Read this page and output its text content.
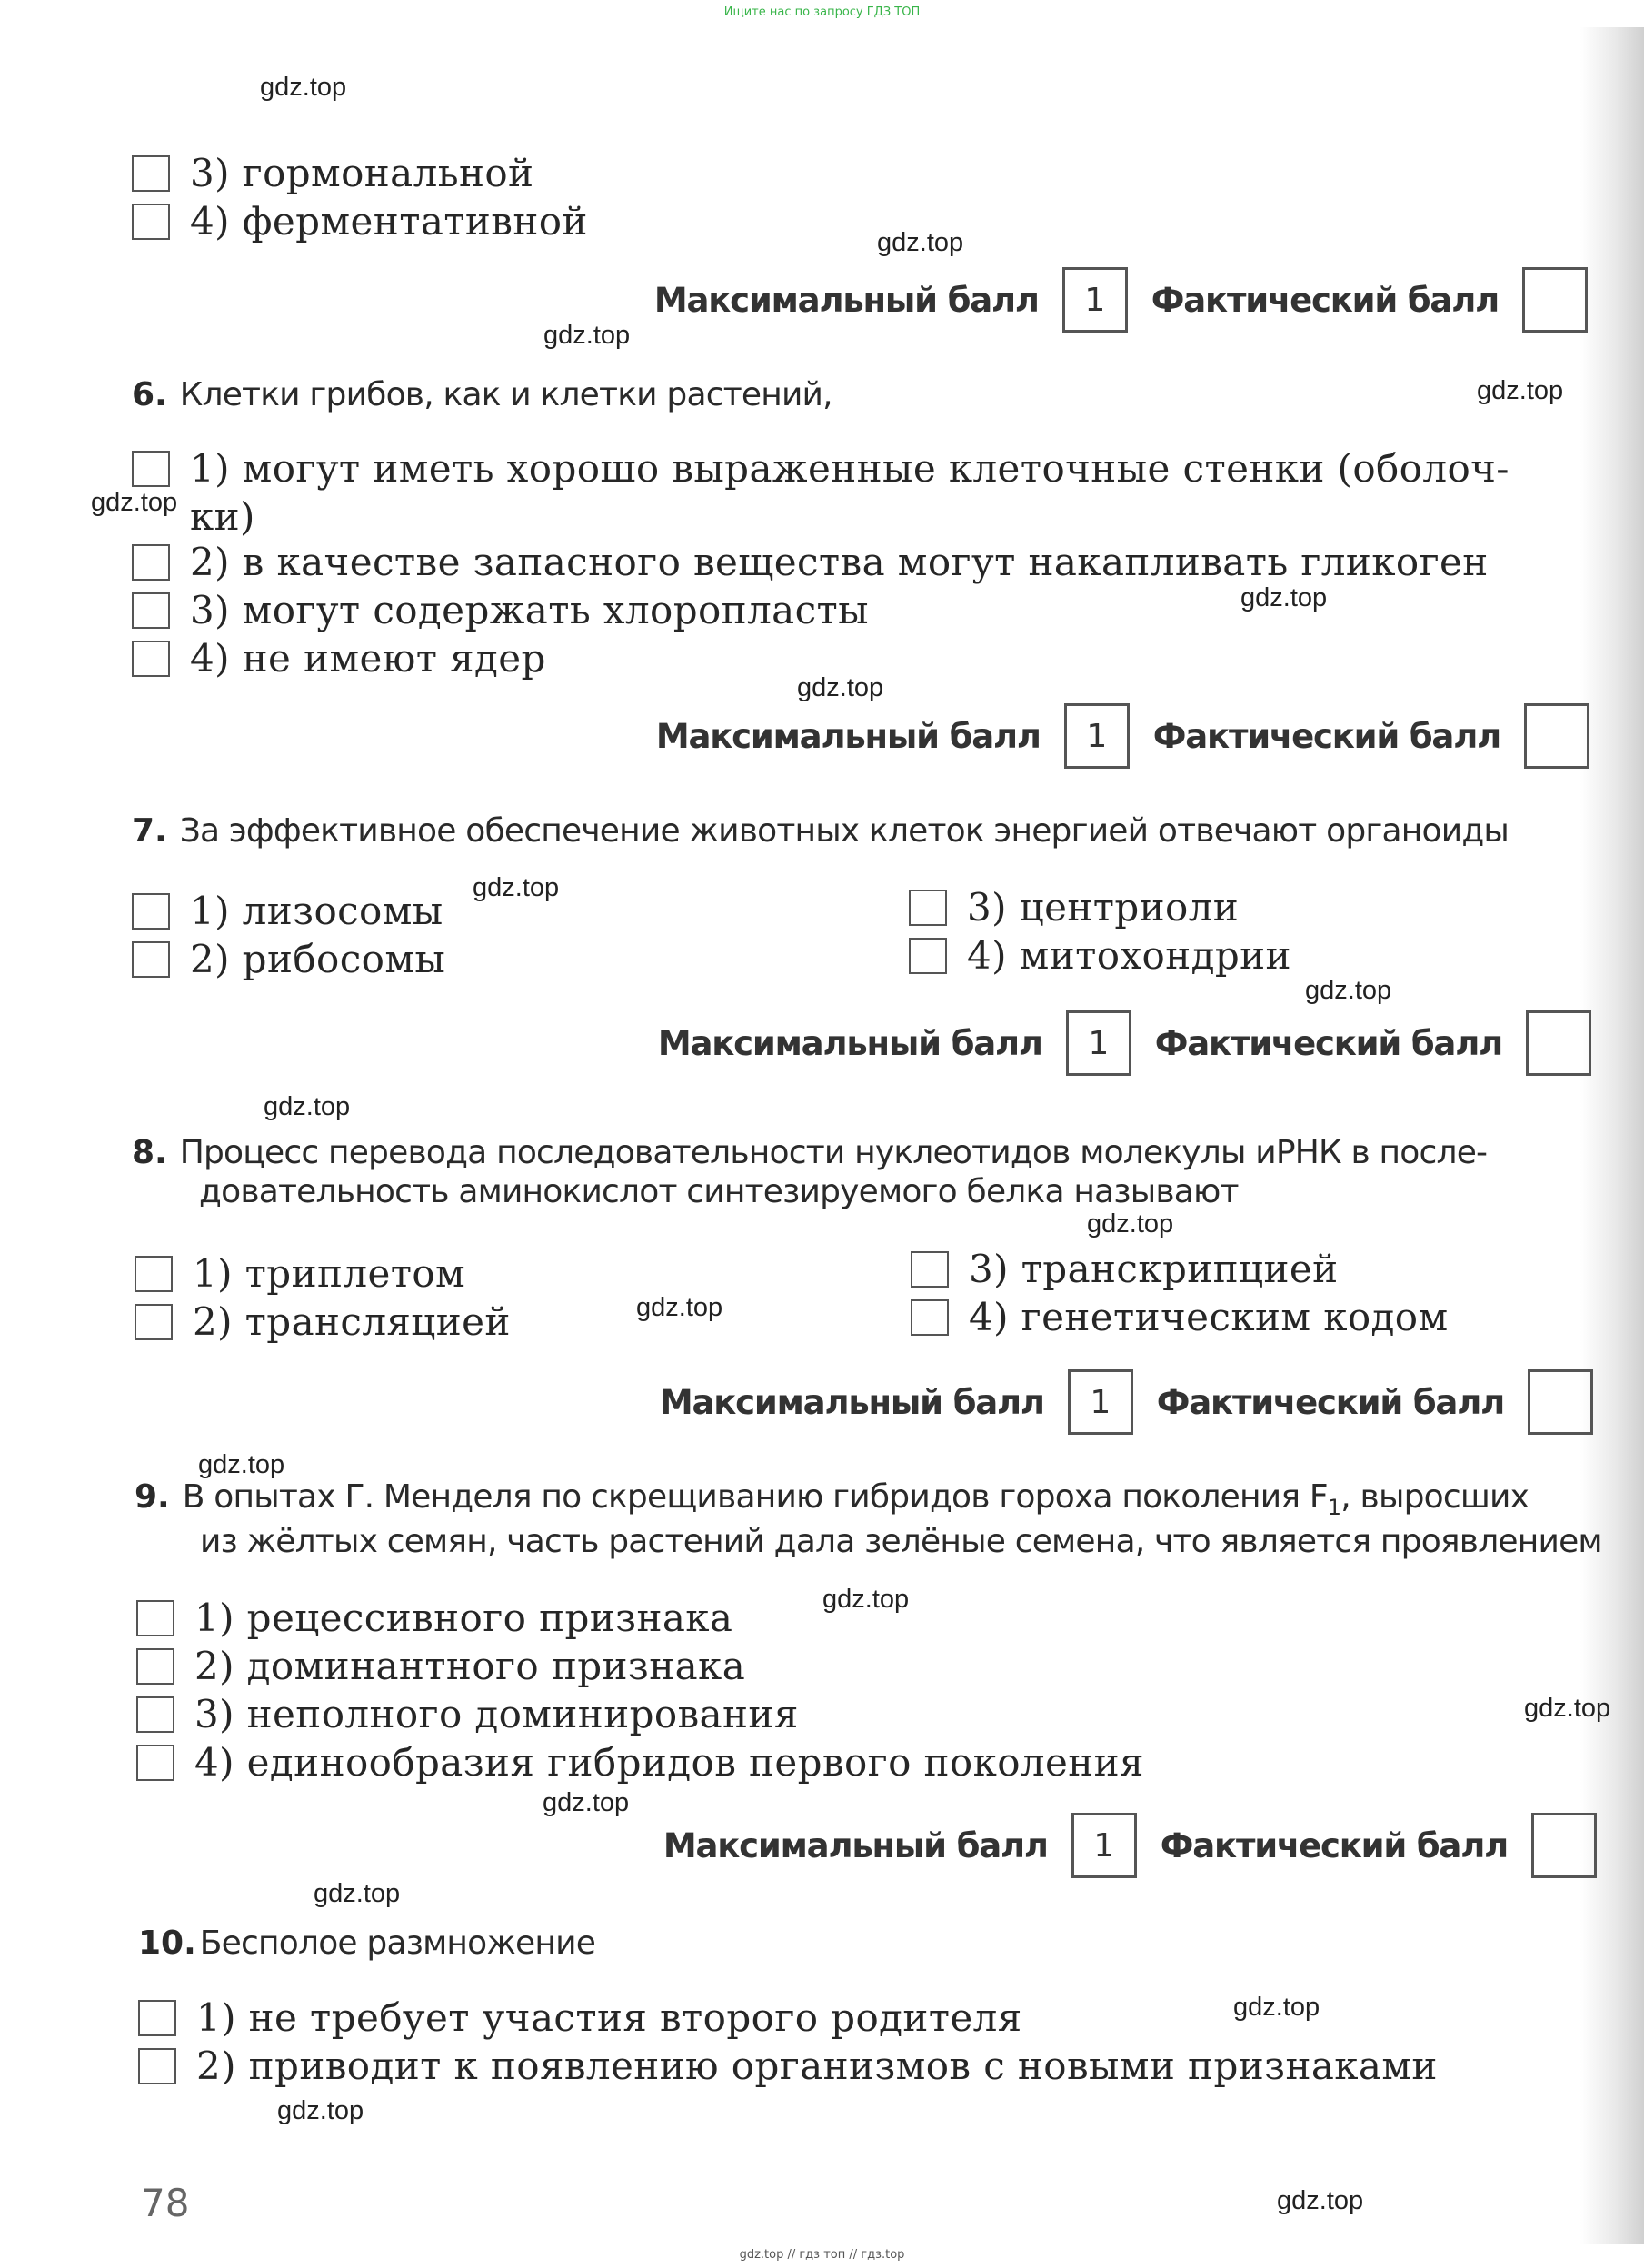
Ищите нас по запросу ГДЗ ТОП
gdz.top
gdz.top
gdz.top
gdz.top
gdz.top
gdz.top
gdz.top
gdz.top
gdz.top
gdz.top
gdz.top
gdz.top
gdz.top
gdz.top
gdz.top
gdz.top
gdz.top
gdz.top
gdz.top
gdz.top
3) гормональной
4) ферментативной
Максимальный балл	1	Фактический балл
6. Клетки грибов, как и клетки растений,
1) могут иметь хорошо выраженные клеточные стенки (оболоч-
ки)
2) в качестве запасного вещества могут накапливать гликоген
3) могут содержать хлоропласты
4) не имеют ядер
Максимальный балл	1	Фактический балл
7. За эффективное обеспечение животных клеток энергией отвечают органоиды
1) лизосомы
2) рибосомы
3) центриоли
4) митохондрии
Максимальный балл	1	Фактический балл
8. Процесс перевода последовательности нуклеотидов молекулы иРНК в после-
довательность аминокислот синтезируемого белка называют
1) триплетом
2) трансляцией
3) транскрипцией
4) генетическим кодом
Максимальный балл	1	Фактический балл
9. В опытах Г. Менделя по скрещиванию гибридов гороха поколения $F_1$, выросших
из жёлтых семян, часть растений дала зелёные семена, что является проявлением
1) рецессивного признака
2) доминантного признака
3) неполного доминирования
4) единообразия гибридов первого поколения
Максимальный балл	1	Фактический балл
10. Бесполое размножение
1) не требует участия второго родителя
2) приводит к появлению организмов с новыми признаками
78
gdz.top // гдз топ // гдз.top
